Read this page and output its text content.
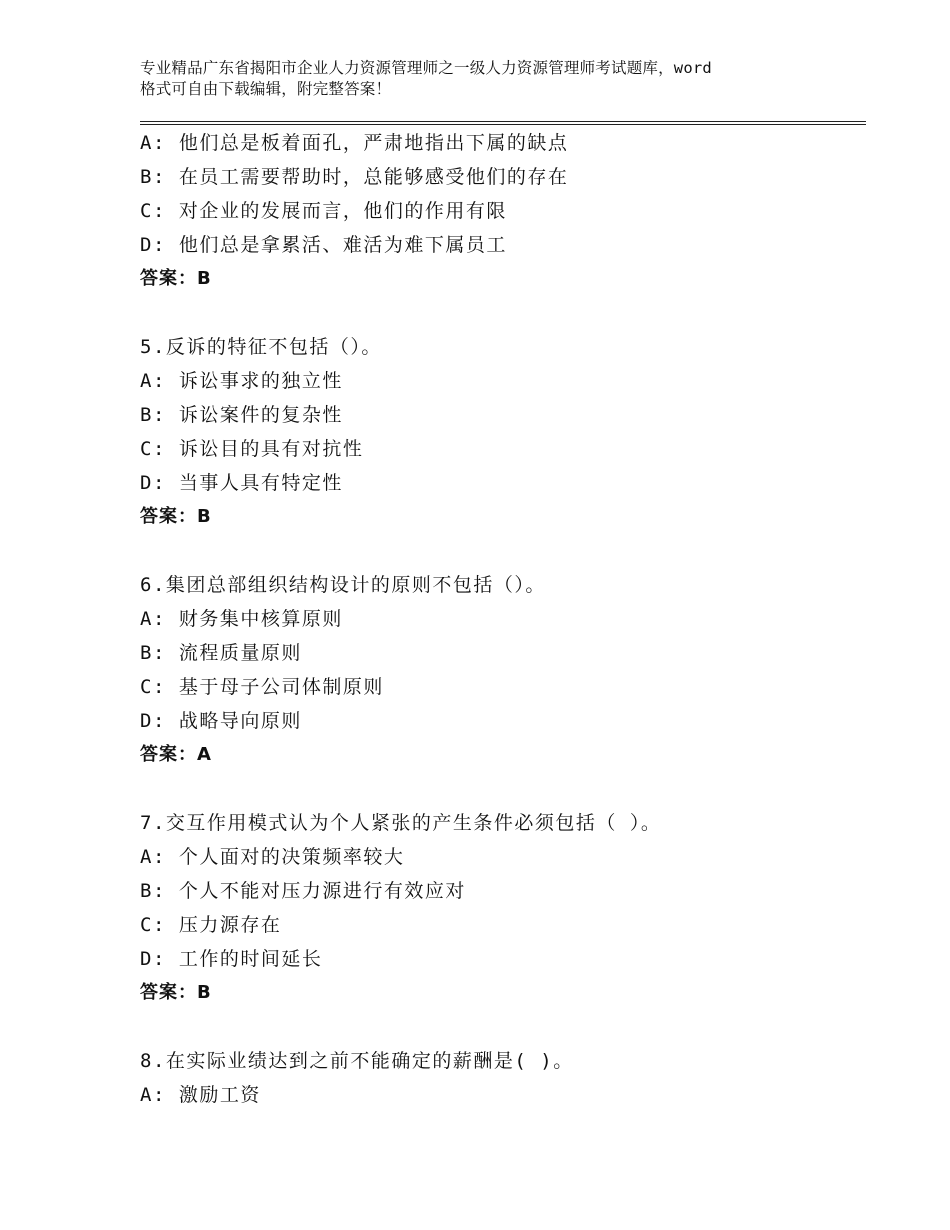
专业精品广东省揭阳市企业人力资源管理师之一级人力资源管理师考试题库，word
格式可自由下载编辑，附完整答案！
A: 他们总是板着面孔，严肃地指出下属的缺点
B: 在员工需要帮助时，总能够感受他们的存在
C: 对企业的发展而言，他们的作用有限
D: 他们总是拿累活、难活为难下属员工
答案：B
5.反诉的特征不包括（）。
A: 诉讼事求的独立性
B: 诉讼案件的复杂性
C: 诉讼目的具有对抗性
D: 当事人具有特定性
答案：B
6.集团总部组织结构设计的原则不包括（）。
A: 财务集中核算原则
B: 流程质量原则
C: 基于母子公司体制原则
D: 战略导向原则
答案：A
7.交互作用模式认为个人紧张的产生条件必须包括（ ）。
A: 个人面对的决策频率较大
B: 个人不能对压力源进行有效应对
C: 压力源存在
D: 工作的时间延长
答案：B
8.在实际业绩达到之前不能确定的薪酬是( )。
A: 激励工资
